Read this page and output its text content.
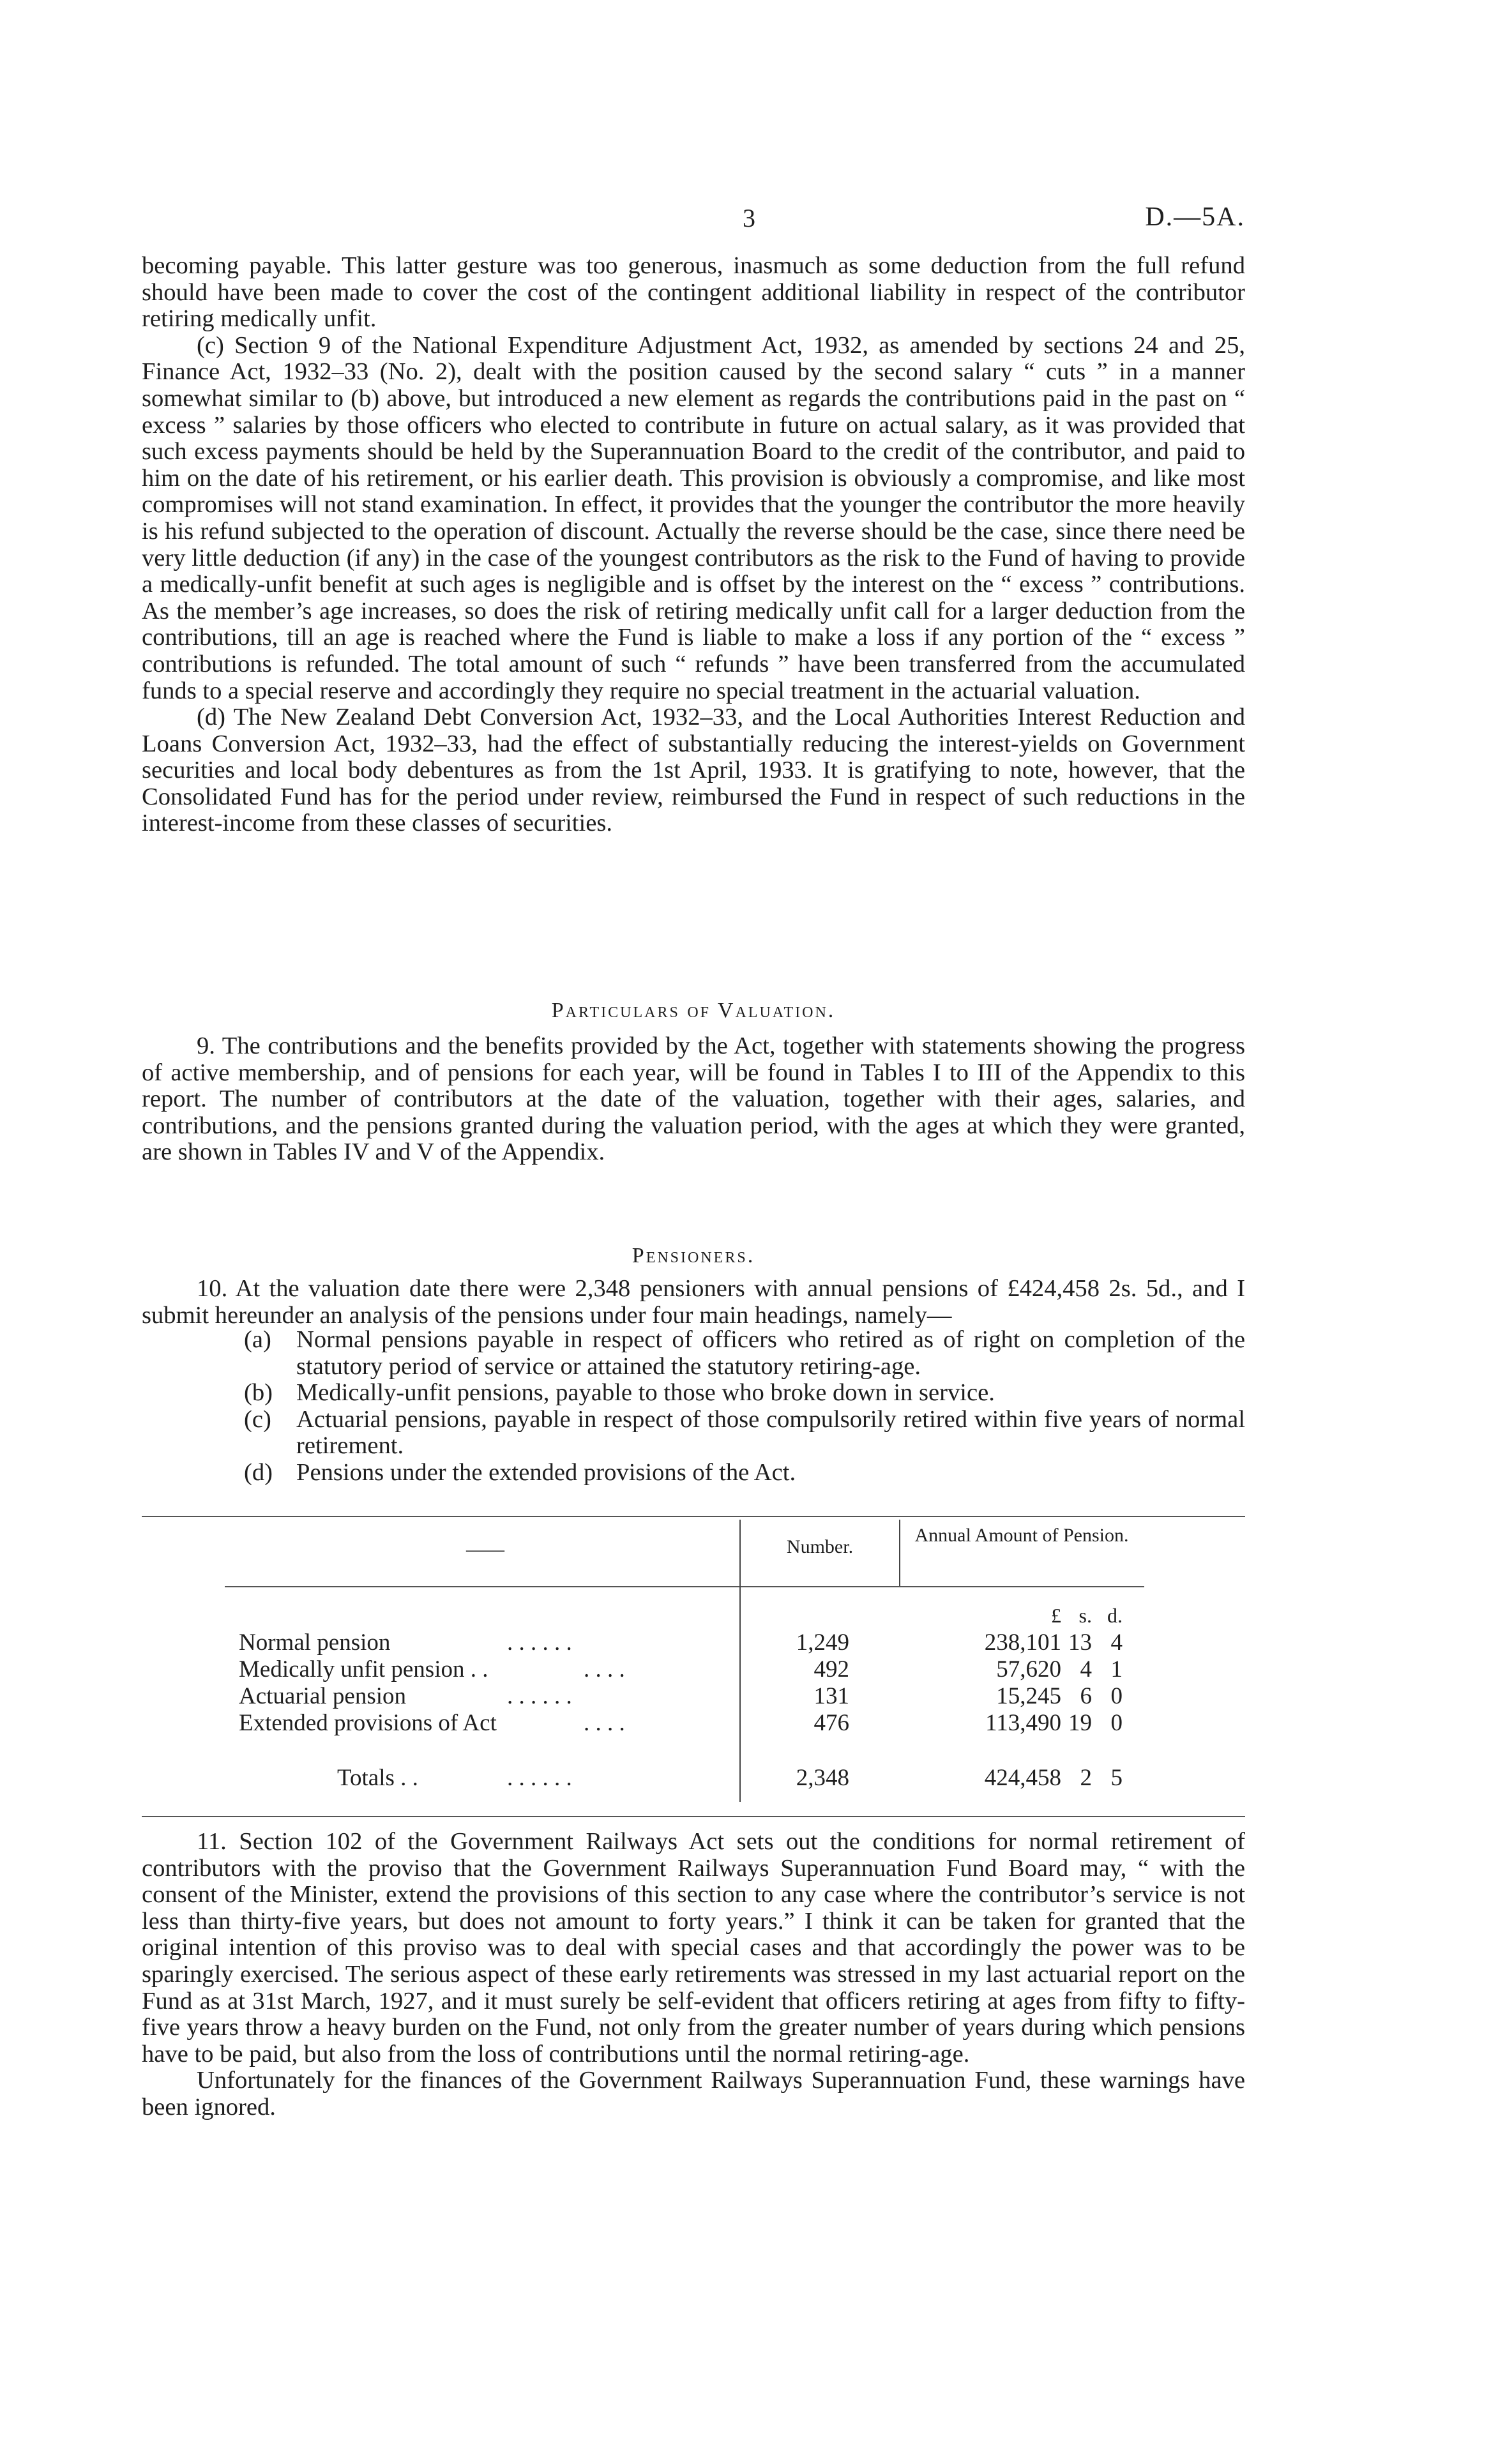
3	D.—5A.

becoming payable. This latter gesture was too generous, inasmuch as some deduction from the full refund should have been made to cover the cost of the contingent additional liability in respect of the contributor retiring medically unfit.

(c) Section 9 of the National Expenditure Adjustment Act, 1932, as amended by sections 24 and 25, Finance Act, 1932–33 (No. 2), dealt with the position caused by the second salary “ cuts ” in a manner somewhat similar to (b) above, but introduced a new element as regards the contributions paid in the past on “ excess ” salaries by those officers who elected to contribute in future on actual salary, as it was provided that such excess payments should be held by the Superannuation Board to the credit of the contributor, and paid to him on the date of his retirement, or his earlier death. This provision is obviously a compromise, and like most compromises will not stand examination. In effect, it provides that the younger the contributor the more heavily is his refund subjected to the operation of discount. Actually the reverse should be the case, since there need be very little deduction (if any) in the case of the youngest contributors as the risk to the Fund of having to provide a medically-unfit benefit at such ages is negligible and is offset by the interest on the “ excess ” contributions. As the member’s age increases, so does the risk of retiring medically unfit call for a larger deduction from the contributions, till an age is reached where the Fund is liable to make a loss if any portion of the “ excess ” contributions is refunded. The total amount of such “ refunds ” have been transferred from the accumulated funds to a special reserve and accordingly they require no special treatment in the actuarial valuation.

(d) The New Zealand Debt Conversion Act, 1932–33, and the Local Authorities Interest Reduction and Loans Conversion Act, 1932–33, had the effect of substantially reducing the interest-yields on Government securities and local body debentures as from the 1st April, 1933. It is gratifying to note, however, that the Consolidated Fund has for the period under review, reimbursed the Fund in respect of such reductions in the interest-income from these classes of securities.

Particulars of Valuation.

9. The contributions and the benefits provided by the Act, together with statements showing the progress of active membership, and of pensions for each year, will be found in Tables I to III of the Appendix to this report. The number of contributors at the date of the valuation, together with their ages, salaries, and contributions, and the pensions granted during the valuation period, with the ages at which they were granted, are shown in Tables IV and V of the Appendix.

Pensioners.

10. At the valuation date there were 2,348 pensioners with annual pensions of £424,458 2s. 5d., and I submit hereunder an analysis of the pensions under four main headings, namely—

(a)	Normal pensions payable in respect of officers who retired as of right on completion of the statutory period of service or attained the statutory retiring-age.
(b) Medically-unfit pensions, payable to those who broke down in service.
(c)	Actuarial pensions, payable in respect of those compulsorily retired within five years of normal retirement.
(d) Pensions under the extended provisions of the Act.
——	Number.
Annual Amount of Pension.
£ s. d.
Normal pension	. . . . . .	1,249	238,101 13 4
Medically unfit pension . .	. . . .	492	57,620 4 1
Actuarial pension	. . . . . .	131	15,245 6 0
Extended provisions of Act	. . . .	476	113,490 19 0
Totals . .	. . . . . .	2,348	424,458 2 5

11. Section 102 of the Government Railways Act sets out the conditions for normal retirement of contributors with the proviso that the Government Railways Superannuation Fund Board may, “ with the consent of the Minister, extend the provisions of this section to any case where the contributor’s service is not less than thirty-five years, but does not amount to forty years.” I think it can be taken for granted that the original intention of this proviso was to deal with special cases and that accordingly the power was to be sparingly exercised. The serious aspect of these early retirements was stressed in my last actuarial report on the Fund as at 31st March, 1927, and it must surely be self-evident that officers retiring at ages from fifty to fifty-five years throw a heavy burden on the Fund, not only from the greater number of years during which pensions have to be paid, but also from the loss of contributions until the normal retiring-age.

Unfortunately for the finances of the Government Railways Superannuation Fund, these warnings have been ignored.
